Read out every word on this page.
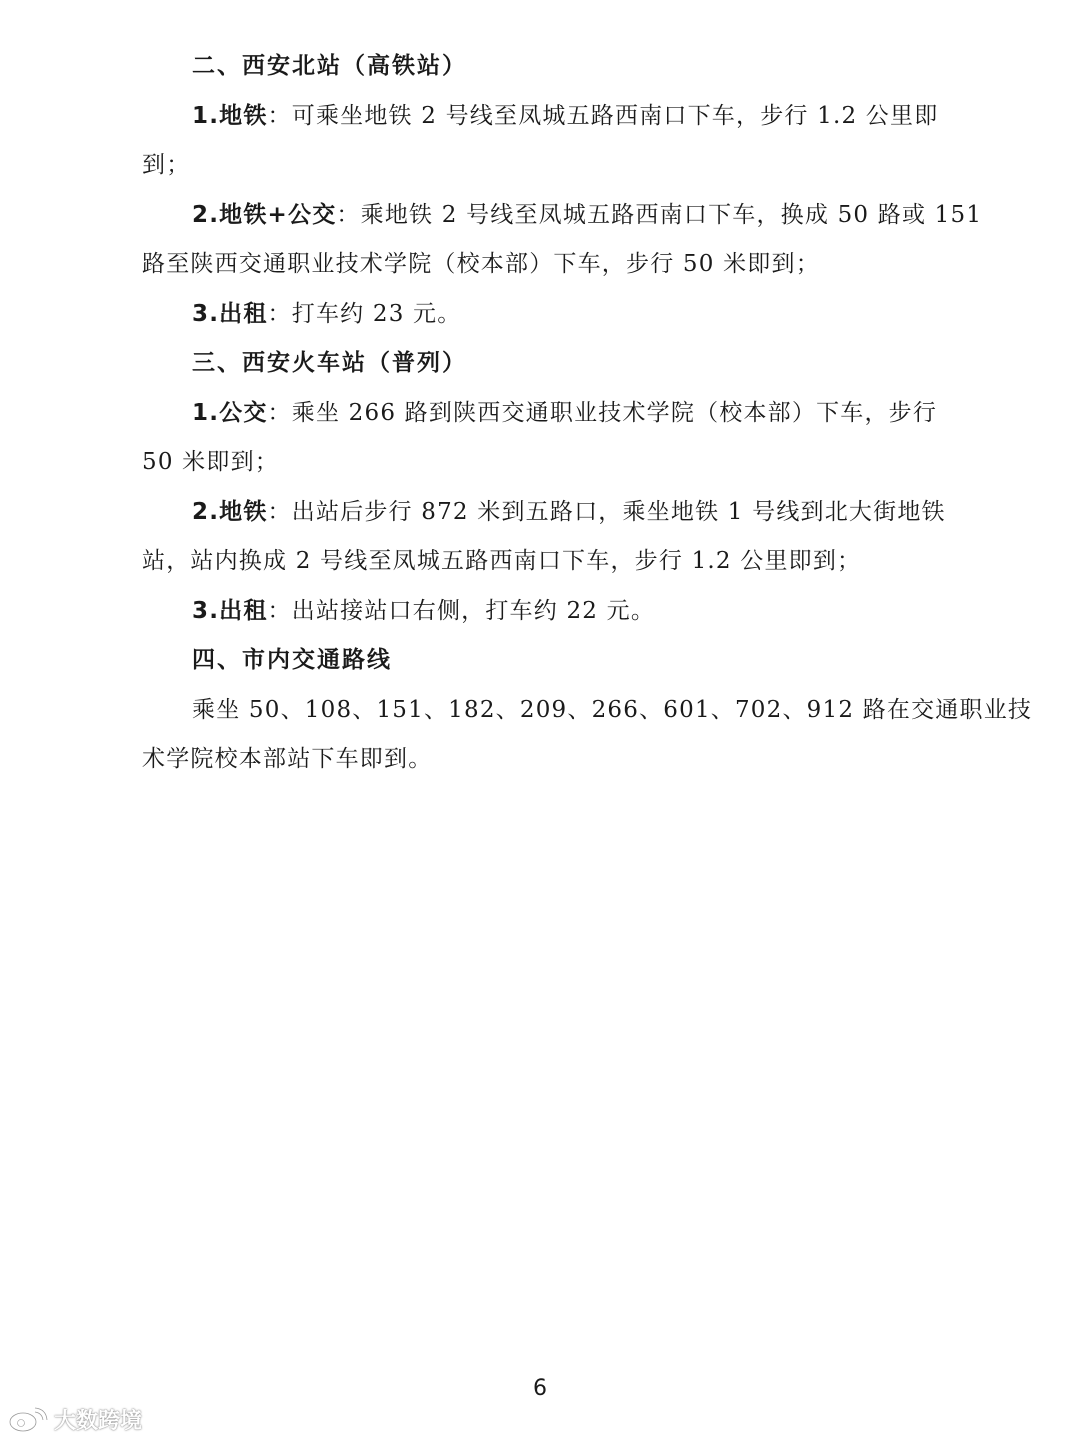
二、西安北站（高铁站）
1.地铁：可乘坐地铁 2 号线至凤城五路西南口下车，步行 1.2 公里即
到；
2.地铁+公交：乘地铁 2 号线至凤城五路西南口下车，换成 50 路或 151
路至陕西交通职业技术学院（校本部）下车，步行 50 米即到；
3.出租：打车约 23 元。
三、西安火车站（普列）
1.公交：乘坐 266 路到陕西交通职业技术学院（校本部）下车，步行
50 米即到；
2.地铁：出站后步行 872 米到五路口，乘坐地铁 1 号线到北大街地铁
站，站内换成 2 号线至凤城五路西南口下车，步行 1.2 公里即到；
3.出租：出站接站口右侧，打车约 22 元。
四、市内交通路线
乘坐 50、108、151、182、209、266、601、702、912 路在交通职业技
术学院校本部站下车即到。
6
大数跨境
